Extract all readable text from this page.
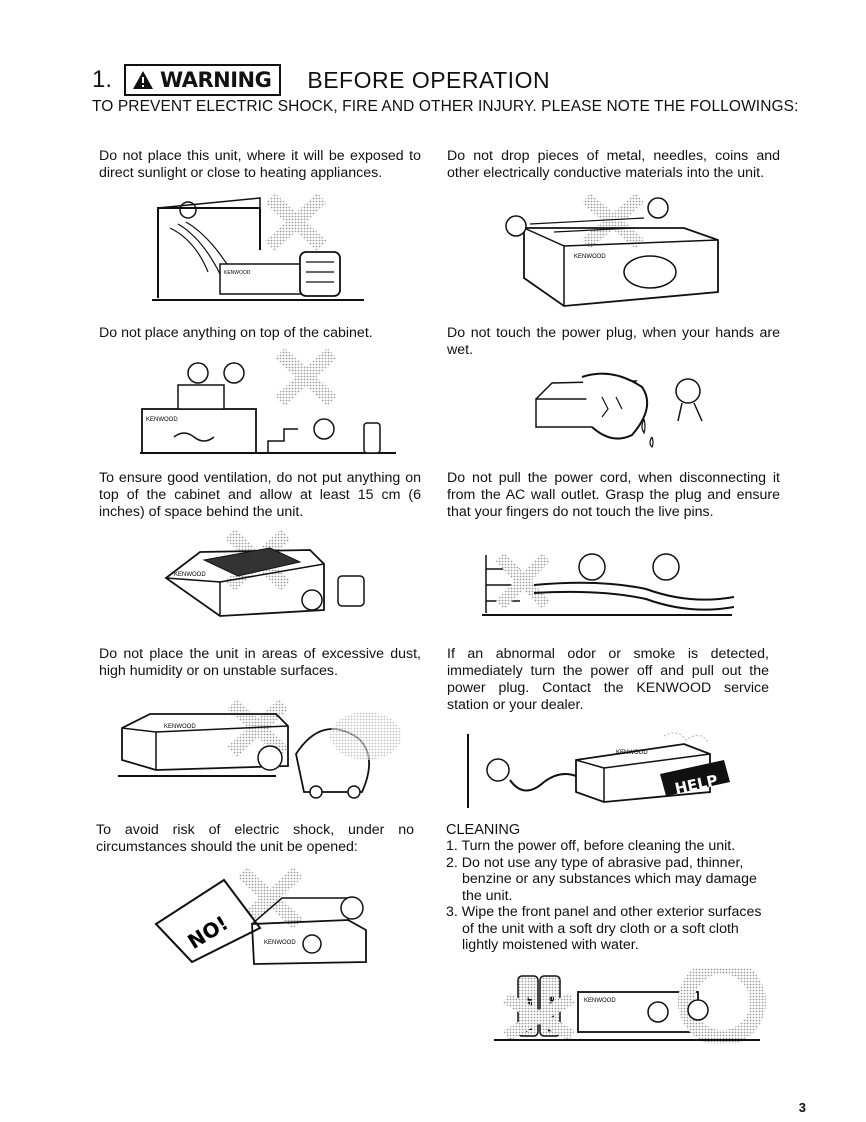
1. WARNING BEFORE OPERATION
TO PREVENT ELECTRIC SHOCK, FIRE AND OTHER INJURY. PLEASE NOTE THE FOLLOWINGS:
Do not place this unit, where it will be exposed to direct sunlight or close to heating appliances.
KENWOOD
Do not drop pieces of metal, needles, coins and other electrically conductive materials into the unit.
KENWOOD
Do not place anything on top of the cabinet.
KENWOOD
Do not touch the power plug, when your hands are wet.
To ensure good ventilation, do not put anything on top of the cabinet and allow at least 15 cm (6 inches) of space behind the unit.
KENWOOD
Do not pull the power cord, when disconnecting it from the AC wall outlet. Grasp the plug and ensure that your fingers do not touch the live pins.
Do not place the unit in areas of excessive dust, high humidity or on unstable surfaces.
KENWOOD
If an abnormal odor or smoke is detected, immediately turn the power off and pull out the power plug. Contact the KENWOOD service station or your dealer.
KENWOOD
HELP
To avoid risk of electric shock, under no circumstances should the unit be opened:
NO!	KENWOOD
CLEANING
1. Turn the power off, before cleaning the unit.
2. Do not use any type of abrasive pad, thinner, benzine or any substances which may damage the unit.
3. Wipe the front panel and other exterior surfaces of the unit with a soft dry cloth or a soft cloth lightly moistened with water.
KENWOOD
3
